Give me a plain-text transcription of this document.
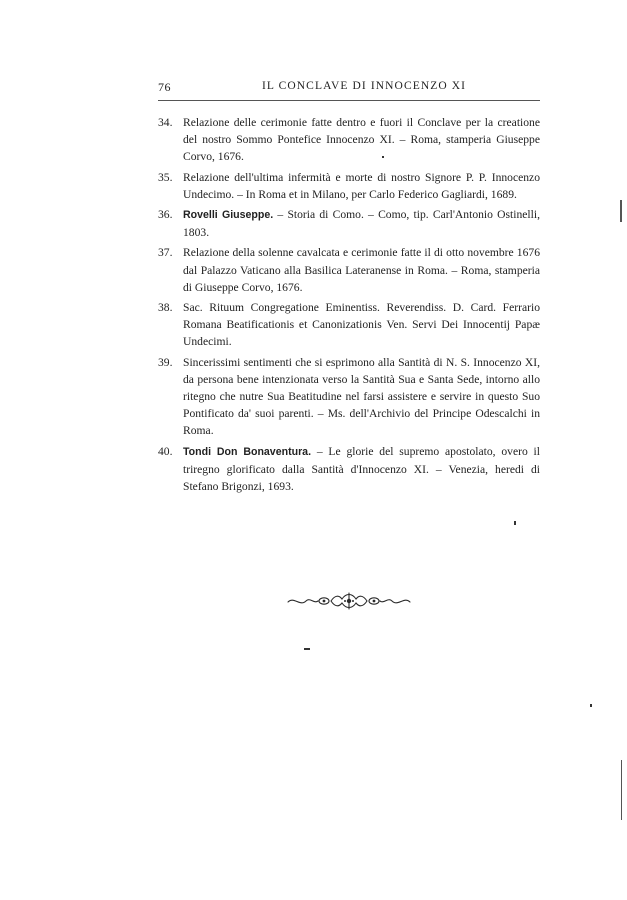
76	IL CONCLAVE DI INNOCENZO XI
34. Relazione delle cerimonie fatte dentro e fuori il Conclave per la creatione del nostro Sommo Pontefice Innocenzo XI. – Roma, stamperia Giuseppe Corvo, 1676.
35. Relazione dell'ultima infermità e morte di nostro Signore P. P. Innocenzo Undecimo. – In Roma et in Milano, per Carlo Federico Gagliardi, 1689.
36. Rovelli Giuseppe. – Storia di Como. – Como, tip. Carl'Antonio Ostinelli, 1803.
37. Relazione della solenne cavalcata e cerimonie fatte il di otto novembre 1676 dal Palazzo Vaticano alla Basilica Lateranense in Roma. – Roma, stamperia di Giuseppe Corvo, 1676.
38. Sac. Rituum Congregatione Eminentiss. Reverendiss. D. Card. Ferrario Romana Beatificationis et Canonizationis Ven. Servi Dei Innocentij Papæ Undecimi.
39. Sincerissimi sentimenti che si esprimono alla Santità di N. S. Innocenzo XI, da persona bene intenzionata verso la Santità Sua e Santa Sede, intorno allo ritegno che nutre Sua Beatitudine nel farsi assistere e servire in questo Suo Pontificato da' suoi parenti. – Ms. dell'Archivio del Principe Odescalchi in Roma.
40. Tondi Don Bonaventura. – Le glorie del supremo apostolato, overo il triregno glorificato dalla Santità d'Innocenzo XI. – Venezia, heredi di Stefano Brigonzi, 1693.
